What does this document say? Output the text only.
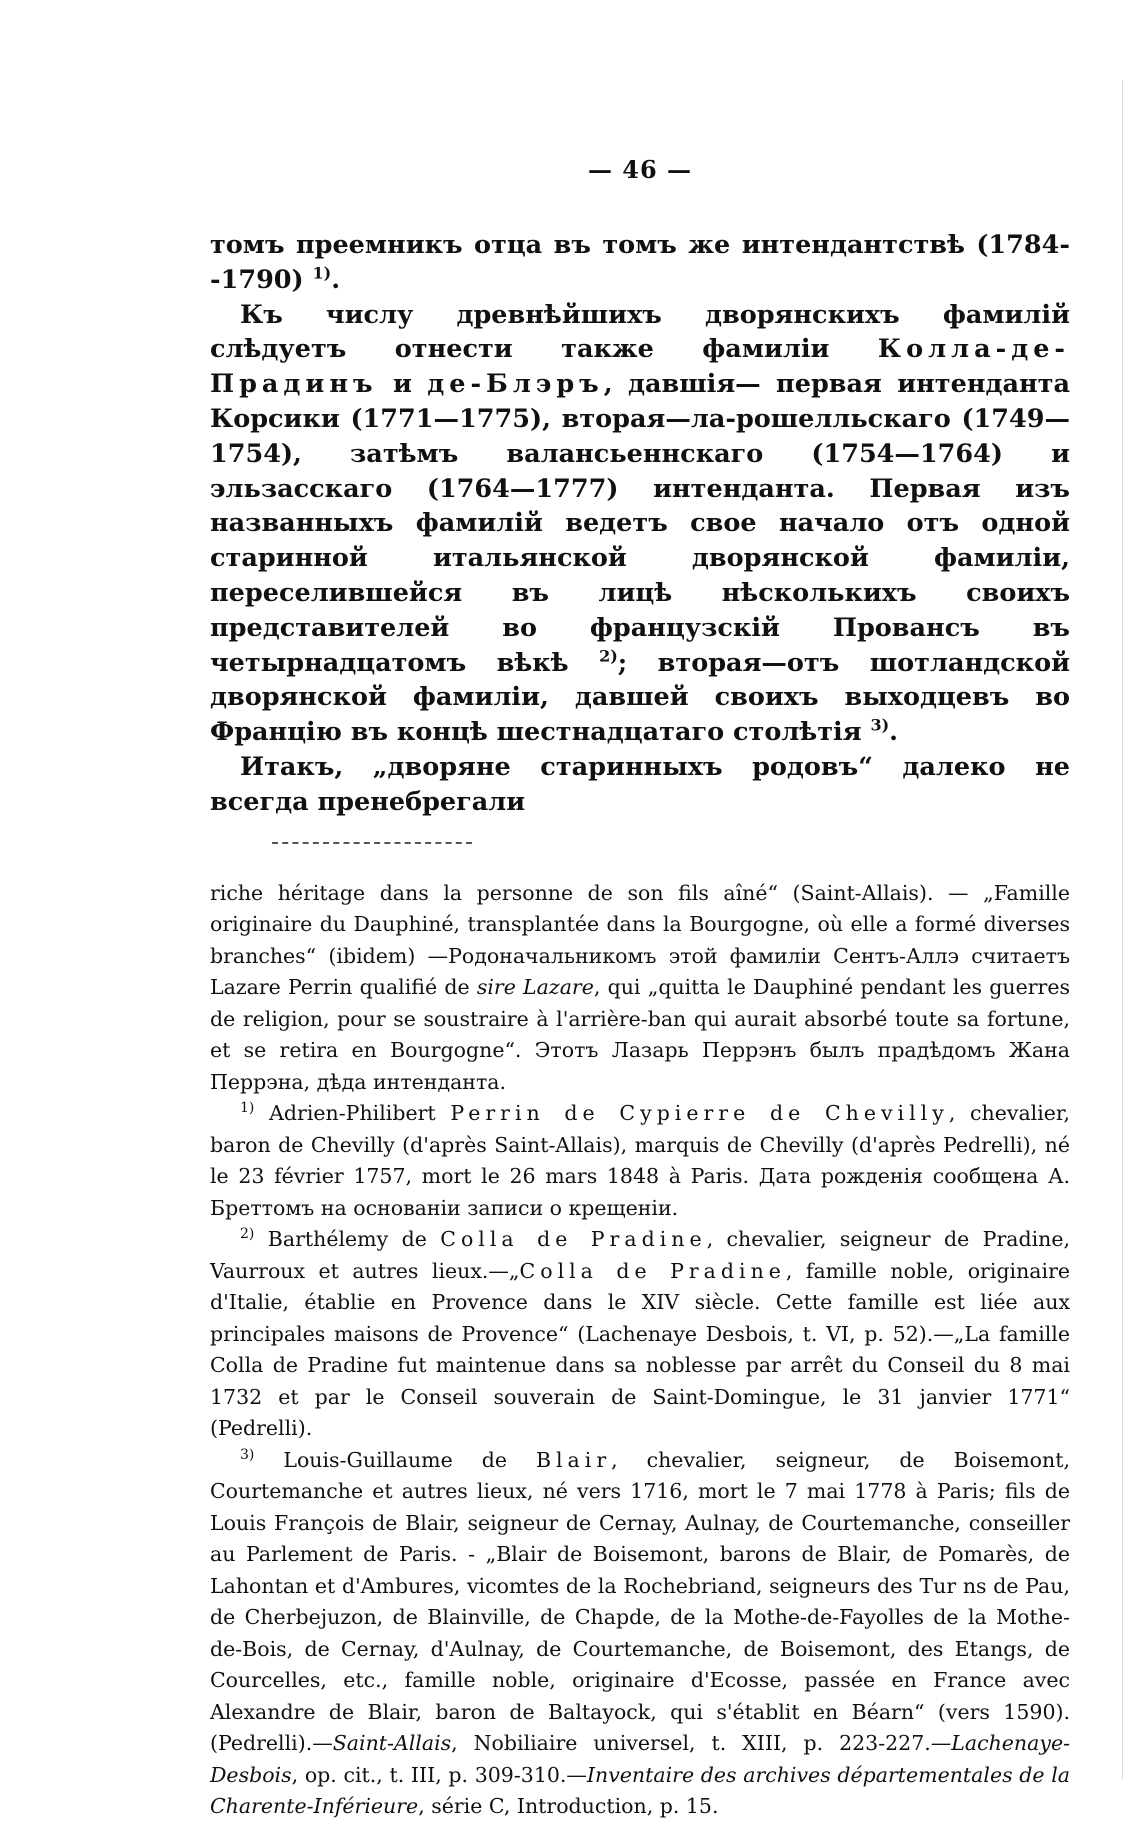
— 46 —

томъ преемникъ отца въ томъ же интендантствѣ (1784--1790) $^{1)}$.

Къ числу древнѣйшихъ дворянскихъ фамилій слѣдуетъ отнести также фамиліи Колла-де-Прадинъ и де-Блэръ, давшія— первая интенданта Корсики (1771—1775), вторая—ла-рошелльскаго (1749—1754), затѣмъ валансьеннскаго (1754—1764) и эльзасскаго (1764—1777) интенданта. Первая изъ названныхъ фамилій ведетъ свое начало отъ одной старинной итальянской дворянской фамиліи, переселившейся въ лицѣ нѣсколькихъ своихъ представителей во французскій Провансъ въ четырнадцатомъ вѣкѣ $^{2)}$; вторая—отъ шотландской дворянской фамиліи, давшей своихъ выходцевъ во Францію въ концѣ шестнадцатаго столѣтія $^{3)}$.

Итакъ, „дворяне старинныхъ родовъ“ далеко не всегда пренебрегали

riche héritage dans la personne de son fils aîné“ (Saint-Allais). — „Famille originaire du Dauphiné, transplantée dans la Bourgogne, où elle a formé diverses branches“ (ibidem) —Родоначальникомъ этой фамиліи Сентъ-Аллэ считаетъ Lazare Perrin qualifié de sire Lazare, qui „quitta le Dauphiné pendant les guerres de religion, pour se soustraire à l'arrière-ban qui aurait absorbé toute sa fortune, et se retira en Bourgogne“. Этотъ Лазарь Перрэнъ былъ прадѣдомъ Жана Перрэна, дѣда интенданта.

$^{1)}$ Adrien-Philibert Perrin de Cypierre de Chevilly, chevalier, baron de Chevilly (d'après Saint-Allais), marquis de Chevilly (d'après Pedrelli), né le 23 février 1757, mort le 26 mars 1848 à Paris. Дата рожденія сообщена А. Бреттомъ на основаніи записи о крещеніи.

$^{2)}$ Barthélemy de Colla de Pradine, chevalier, seigneur de Pradine, Vaurroux et autres lieux.—„Colla de Pradine, famille noble, originaire d'Italie, établie en Provence dans le XIV siècle. Cette famille est liée aux principales maisons de Provence“ (Lachenaye Desbois, t. VI, p. 52).—„La famille Colla de Pradine fut maintenue dans sa noblesse par arrêt du Conseil du 8 mai 1732 et par le Conseil souverain de Saint-Domingue, le 31 janvier 1771“ (Pedrelli).

$^{3)}$ Louis-Guillaume de Blair, chevalier, seigneur, de Boisemont, Courtemanche et autres lieux, né vers 1716, mort le 7 mai 1778 à Paris; fils de Louis François de Blair, seigneur de Cernay, Aulnay, de Courtemanche, conseiller au Parlement de Paris. - „Blair de Boisemont, barons de Blair, de Pomarès, de Lahontan et d'Ambures, vicomtes de la Rochebriand, seigneurs des Tur ns de Pau, de Cherbejuzon, de Blainville, de Chapde, de la Mothe-de-Fayolles de la Mothe-de-Bois, de Cernay, d'Aulnay, de Courtemanche, de Boisemont, des Etangs, de Courcelles, etc., famille noble, originaire d'Ecosse, passée en France avec Alexandre de Blair, baron de Baltayock, qui s'établit en Béarn“ (vers 1590). (Pedrelli).—Saint-Allais, Nobiliaire universel, t. XIII, p. 223-227.—Lachenaye-Desbois, op. cit., t. III, p. 309-310.—Inventaire des archives départementales de la Charente-Inférieure, série C, Introduction, p. 15.
